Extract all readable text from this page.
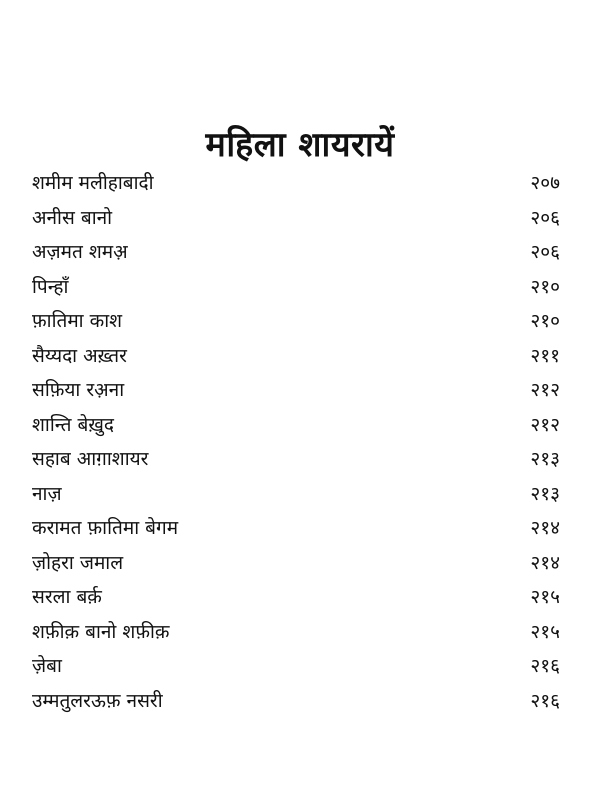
महिला शायरायें
शमीम मलीहाबादी	२०७
अनीस बानो	२०६
अज़मत शमअ़	२०६
पिन्हाँ	२१०
फ़ातिमा काश	२१०
सैय्यदा अख़्तर	२११
सफ़िया रअ़ना	२१२
शान्ति बेख़ुद	२१२
सहाब आग़ाशायर	२१३
नाज़	२१३
करामत फ़ातिमा बेगम	२१४
ज़ोहरा जमाल	२१४
सरला बर्क़	२१५
शफ़ीक़ बानो शफ़ीक़	२१५
ज़ेबा	२१६
उम्मतुलरऊफ़ नसरी	२१६
